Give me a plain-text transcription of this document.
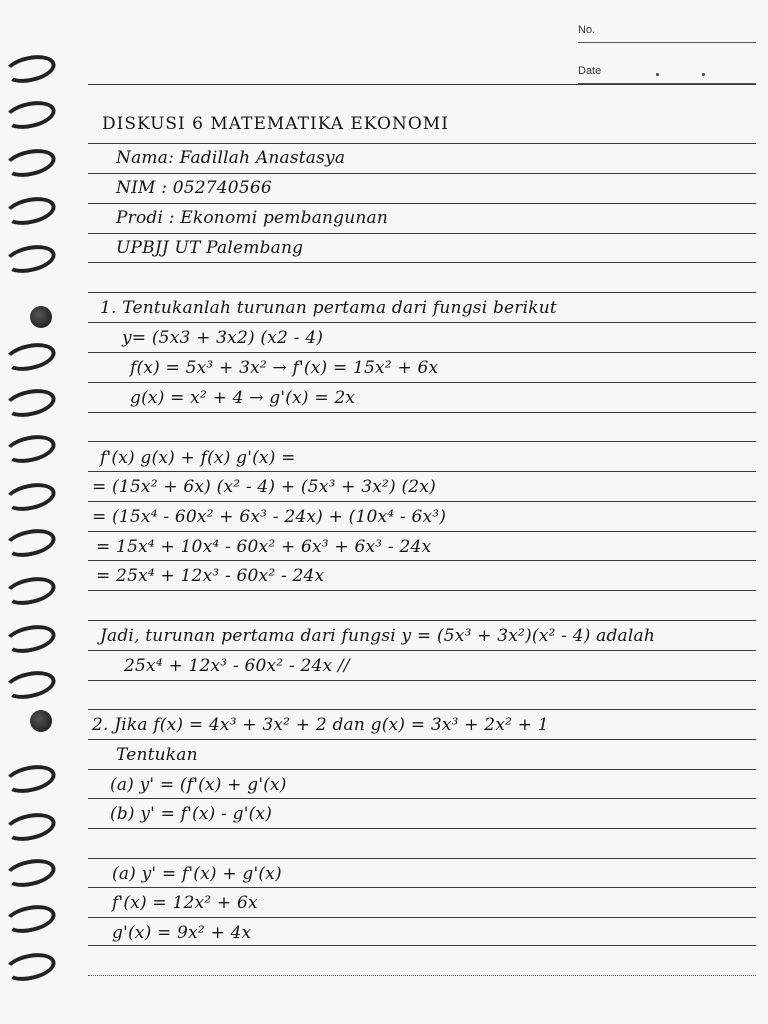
No.
Date
DISKUSI 6 MATEMATIKA EKONOMI
Nama: Fadillah Anastasya
NIM : 052740566
Prodi : Ekonomi pembangunan
UPBJJ UT Palembang
1. Tentukanlah turunan pertama dari fungsi berikut
y= (5x3 + 3x2) (x2 - 4)
f(x) = 5x³ + 3x² → f'(x) = 15x² + 6x
g(x) = x² + 4 → g'(x) = 2x
f'(x) g(x) + f(x) g'(x) =
= (15x² + 6x) (x² - 4) + (5x³ + 3x²) (2x)
= (15x⁴ - 60x² + 6x³ - 24x) + (10x⁴ - 6x³)
= 15x⁴ + 10x⁴ - 60x² + 6x³ + 6x³ - 24x
= 25x⁴ + 12x³ - 60x² - 24x
Jadi, turunan pertama dari fungsi y = (5x³ + 3x²)(x² - 4) adalah
25x⁴ + 12x³ - 60x² - 24x //
2. Jika f(x) = 4x³ + 3x² + 2 dan g(x) = 3x³ + 2x² + 1
Tentukan
(a) y' = (f'(x) + g'(x)
(b) y' = f'(x) - g'(x)
(a) y' = f'(x) + g'(x)
f'(x) = 12x² + 6x
g'(x) = 9x² + 4x
